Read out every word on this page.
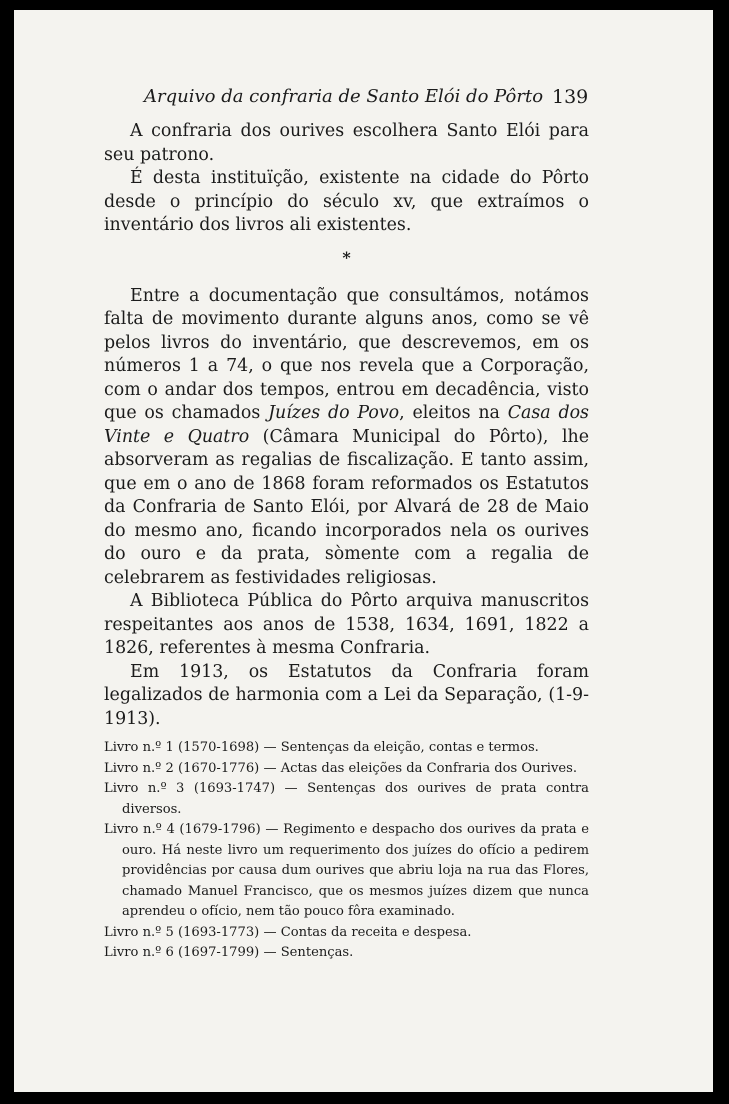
Arquivo da confraria de Santo Elói do Pôrto 139

A confraria dos ourives escolhera Santo Elói para seu patrono.

É desta instituïção, existente na cidade do Pôrto desde o princípio do século xv, que extraímos o inventário dos livros ali existentes.

*

Entre a documentação que consultámos, notámos falta de movimento durante alguns anos, como se vê pelos livros do inventário, que descrevemos, em os números 1 a 74, o que nos revela que a Corporação, com o andar dos tempos, entrou em decadência, visto que os chamados Juízes do Povo, eleitos na Casa dos Vinte e Quatro (Câmara Municipal do Pôrto), lhe absorveram as regalias de fiscalização. E tanto assim, que em o ano de 1868 foram reformados os Estatutos da Confraria de Santo Elói, por Alvará de 28 de Maio do mesmo ano, ficando incorporados nela os ourives do ouro e da prata, sòmente com a regalia de celebrarem as festividades religiosas.

A Biblioteca Pública do Pôrto arquiva manuscritos respeitantes aos anos de 1538, 1634, 1691, 1822 a 1826, referentes à mesma Confraria.

Em 1913, os Estatutos da Confraria foram legalizados de harmonia com a Lei da Separação, (1-9-1913).

Livro n.º 1 (1570-1698) — Sentenças da eleição, contas e termos.
Livro n.º 2 (1670-1776) — Actas das eleições da Confraria dos Ourives.
Livro n.º 3 (1693-1747) — Sentenças dos ourives de prata contra diversos.
Livro n.º 4 (1679-1796) — Regimento e despacho dos ourives da prata e ouro. Há neste livro um requerimento dos juízes do ofício a pedirem providências por causa dum ourives que abriu loja na rua das Flores, chamado Manuel Francisco, que os mesmos juízes dizem que nunca aprendeu o ofício, nem tão pouco fôra examinado.
Livro n.º 5 (1693-1773) — Contas da receita e despesa.
Livro n.º 6 (1697-1799) — Sentenças.
